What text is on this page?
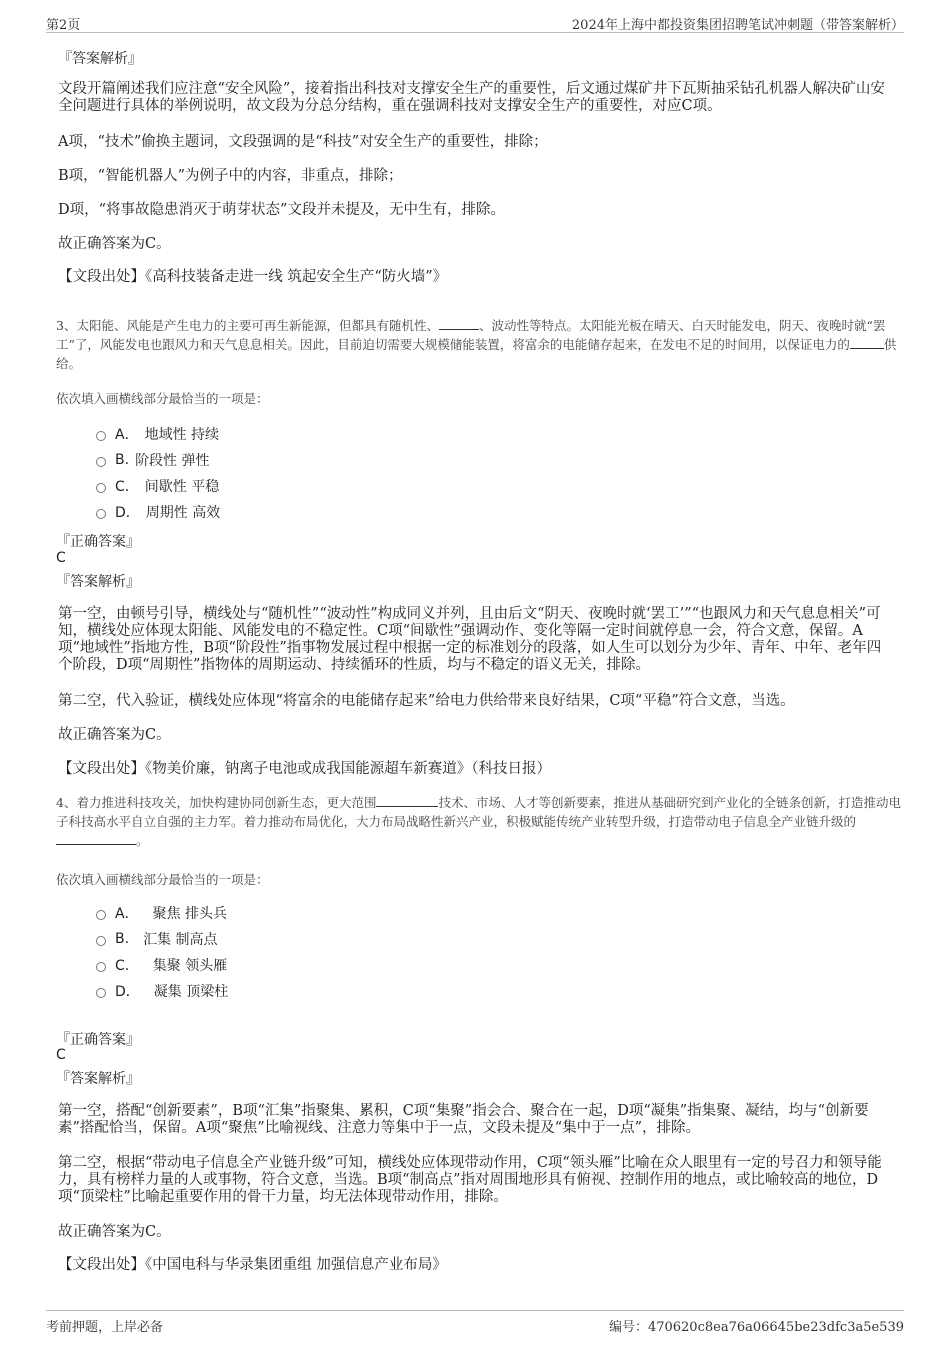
第2页	2024年上海中都投资集团招聘笔试冲刺题（带答案解析）
『答案解析』
文段开篇阐述我们应注意“安全风险”，接着指出科技对支撑安全生产的重要性，后文通过煤矿井下瓦斯抽采钻孔机器人解决矿山安全问题进行具体的举例说明，故文段为分总分结构，重在强调科技对支撑安全生产的重要性，对应C项。
A项，“技术”偷换主题词，文段强调的是“科技”对安全生产的重要性，排除；
B项，“智能机器人”为例子中的内容，非重点，排除；
D项，“将事故隐患消灭于萌芽状态”文段并未提及，无中生有，排除。
故正确答案为C。
【文段出处】《高科技装备走进一线 筑起安全生产“防火墙”》
3、太阳能、风能是产生电力的主要可再生新能源，但都具有随机性、	、波动性等特点。太阳能光板在晴天、白天时能发电，阴天、夜晚时就“罢工”了，风能发电也跟风力和天气息息相关。因此，目前迫切需要大规模储能装置，将富余的电能储存起来，在发电不足的时间用，以保证电力的	供给。
依次填入画横线部分最恰当的一项是：
A． 地域性 持续
B. 阶段性 弹性
C． 间歇性 平稳
D． 周期性 高效
『正确答案』
C
『答案解析』
第一空，由顿号引导，横线处与“随机性”“波动性”构成同义并列，且由后文“阴天、夜晚时就‘罢工’”“也跟风力和天气息息相关”可知，横线处应体现太阳能、风能发电的不稳定性。C项“间歇性”强调动作、变化等隔一定时间就停息一会，符合文意，保留。A项“地域性”指地方性，B项“阶段性”指事物发展过程中根据一定的标准划分的段落，如人生可以划分为少年、青年、中年、老年四个阶段，D项“周期性”指物体的周期运动、持续循环的性质，均与不稳定的语义无关，排除。
第二空，代入验证，横线处应体现“将富余的电能储存起来”给电力供给带来良好结果，C项“平稳”符合文意，当选。
故正确答案为C。
【文段出处】《物美价廉，钠离子电池或成我国能源超车新赛道》（科技日报）
4、着力推进科技攻关，加快构建协同创新生态，更大范围	技术、市场、人才等创新要素，推进从基础研究到产业化的全链条创新，打造推动电子科技高水平自立自强的主力军。着力推动布局优化，大力布局战略性新兴产业，积极赋能传统产业转型升级，打造带动电子信息全产业链升级的。
依次填入画横线部分最恰当的一项是：
A． 聚焦 排头兵
B. 汇集 制高点
C． 集聚 领头雁
D． 凝集 顶梁柱
『正确答案』
C
『答案解析』
第一空，搭配“创新要素”，B项“汇集”指聚集、累积，C项“集聚”指会合、聚合在一起，D项“凝集”指集聚、凝结，均与“创新要素”搭配恰当，保留。A项“聚焦”比喻视线、注意力等集中于一点，文段未提及“集中于一点”，排除。
第二空，根据“带动电子信息全产业链升级”可知，横线处应体现带动作用，C项“领头雁”比喻在众人眼里有一定的号召力和领导能力，具有榜样力量的人或事物，符合文意，当选。B项“制高点”指对周围地形具有俯视、控制作用的地点，或比喻较高的地位，D项“顶梁柱”比喻起重要作用的骨干力量，均无法体现带动作用，排除。
故正确答案为C。
【文段出处】《中国电科与华录集团重组 加强信息产业布局》
考前押题，上岸必备	编号：470620c8ea76a06645be23dfc3a5e539
